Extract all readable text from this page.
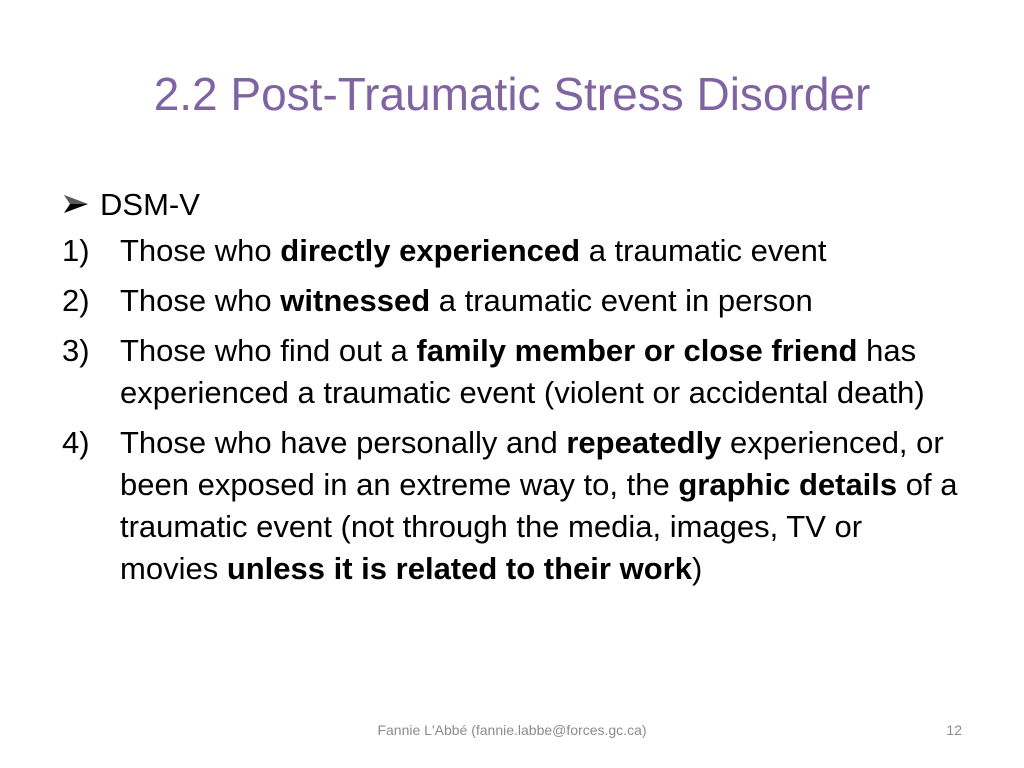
2.2 Post-Traumatic Stress Disorder
DSM-V
1) Those who directly experienced a traumatic event
2) Those who witnessed a traumatic event in person
3) Those who find out a family member or close friend has experienced a traumatic event (violent or accidental death)
4) Those who have personally and repeatedly experienced, or been exposed in an extreme way to, the graphic details of a traumatic event (not through the media, images, TV or movies unless it is related to their work)
Fannie L'Abbé (fannie.labbe@forces.gc.ca)	12
